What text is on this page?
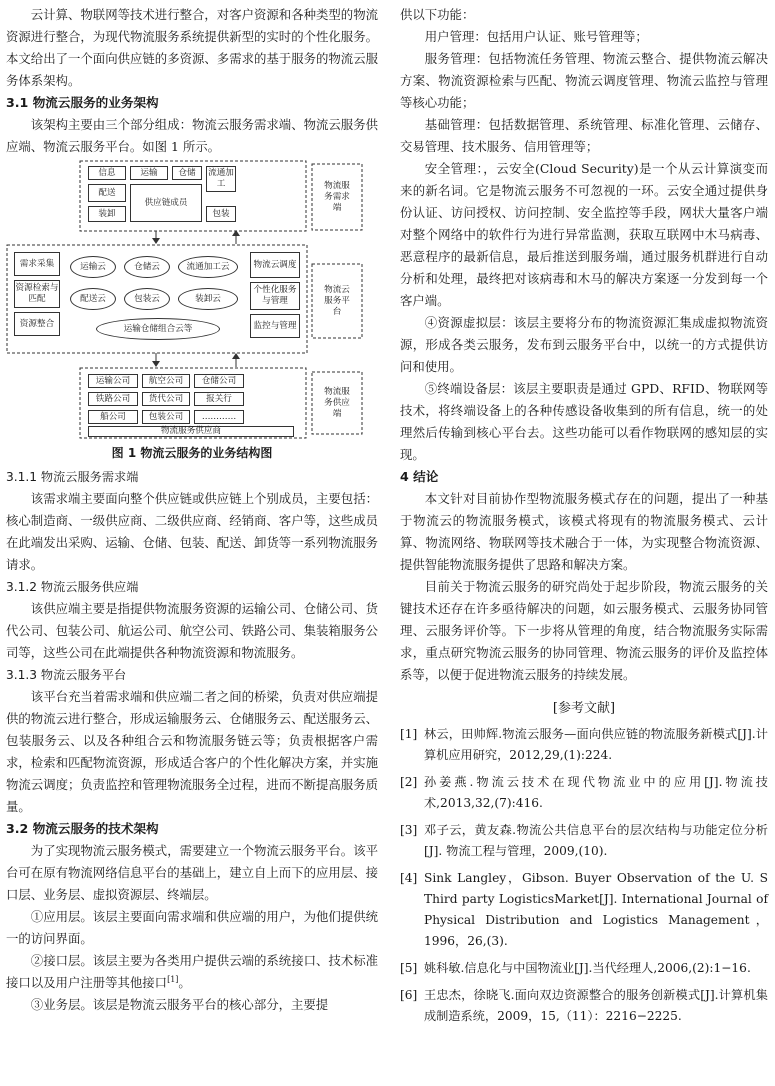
云计算、物联网等技术进行整合，对客户资源和各种类型的物流资源进行整合，为现代物流服务系统提供新型的实时的个性化服务。本文给出了一个面向供应链的多资源、多需求的基于服务的物流云服务体系架构。

3.1 物流云服务的业务架构

该架构主要由三个部分组成：物流云服务需求端、物流云服务供应端、物流云服务平台。如图 1 所示。

信息	运输	仓储	流通加工
配送
装卸
供应链成员
包装
物流服务需求端
需求采集
资源检索与匹配
资源整合
运输云	仓储云	流通加工云
配送云	包装云	装卸云
运输仓储组合云等
物流云调度
个性化服务与管理
监控与管理
物流云服务平台
运输公司	航空公司	仓储公司
铁路公司	货代公司	报关行
船公司	包装公司	…………
物流服务供应商
物流服务供应端

图 1 物流云服务的业务结构图

3.1.1 物流云服务需求端

该需求端主要面向整个供应链或供应链上个别成员，主要包括：核心制造商、一级供应商、二级供应商、经销商、客户等，这些成员在此端发出采购、运输、仓储、包装、配送、卸货等一系列物流服务请求。

3.1.2 物流云服务供应端

该供应端主要是指提供物流服务资源的运输公司、仓储公司、货代公司、包装公司、航运公司、航空公司、铁路公司、集装箱服务公司等，这些公司在此端提供各种物流资源和物流服务。

3.1.3 物流云服务平台

该平台充当着需求端和供应端二者之间的桥梁，负责对供应端提供的物流云进行整合，形成运输服务云、仓储服务云、配送服务云、包装服务云、以及各种组合云和物流服务链云等；负责根据客户需求，检索和匹配物流资源，形成适合客户的个性化解决方案，并实施物流云调度；负责监控和管理物流服务全过程，进而不断提高服务质量。

3.2 物流云服务的技术架构

为了实现物流云服务模式，需要建立一个物流云服务平台。该平台可在原有物流网络信息平台的基础上，建立自上而下的应用层、接口层、业务层、虚拟资源层、终端层。

①应用层。该层主要面向需求端和供应端的用户，为他们提供统一的访问界面。

②接口层。该层主要为各类用户提供云端的系统接口、技术标准接口以及用户注册等其他接口[1]。

③业务层。该层是物流云服务平台的核心部分，主要提

供以下功能：

用户管理：包括用户认证、账号管理等；

服务管理：包括物流任务管理、物流云整合、提供物流云解决方案、物流资源检索与匹配、物流云调度管理、物流云监控与管理等核心功能；

基础管理：包括数据管理、系统管理、标准化管理、云储存、交易管理、技术服务、信用管理等；

安全管理：，云安全(Cloud Security)是一个从云计算演变而来的新名词。它是物流云服务不可忽视的一环。云安全通过提供身份认证、访问授权、访问控制、安全监控等手段，网状大量客户端对整个网络中的软件行为进行异常监测，获取互联网中木马病毒、恶意程序的最新信息，最后推送到服务端，通过服务机群进行自动分析和处理，最终把对该病毒和木马的解决方案逐一分发到每一个客户端。

④资源虚拟层：该层主要将分布的物流资源汇集成虚拟物流资源，形成各类云服务，发布到云服务平台中，以统一的方式提供访问和使用。

⑤终端设备层：该层主要职责是通过 GPD、RFID、物联网等技术，将终端设备上的各种传感设备收集到的所有信息，统一的处理然后传输到核心平台去。这些功能可以看作物联网的感知层的实现。

4 结论

本文针对目前协作型物流服务模式存在的问题，提出了一种基于物流云的物流服务模式，该模式将现有的物流服务模式、云计算、物流网络、物联网等技术融合于一体，为实现整合物流资源、提供智能物流服务提供了思路和解决方案。

目前关于物流云服务的研究尚处于起步阶段，物流云服务的关键技术还存在许多亟待解决的问题，如云服务模式、云服务协同管理、云服务评价等。下一步将从管理的角度，结合物流服务实际需求，重点研究物流云服务的协同管理、物流云服务的评价及监控体系等，以便于促进物流云服务的持续发展。

[参考文献]

[1] 林云，田帅辉.物流云服务—面向供应链的物流服务新模式[J].计算机应用研究，2012,29,(1):224.
[2] 孙姜燕.物流云技术在现代物流业中的应用[J].物流技术,2013,32,(7):416.
[3] 邓子云，黄友森.物流公共信息平台的层次结构与功能定位分析[J]. 物流工程与管理，2009,(10).
[4] Sink Langley，Gibson. Buyer Observation of the U. S Third party LogisticsMarket[J]. International Journal of Physical Distribution and Logistics Management，1996，26,(3).
[5] 姚科敏.信息化与中国物流业[J].当代经理人,2006,(2):1−16.
[6] 王忠杰，徐晓飞.面向双边资源整合的服务创新模式[J].计算机集成制造系统，2009，15,（11）：2216−2225.
